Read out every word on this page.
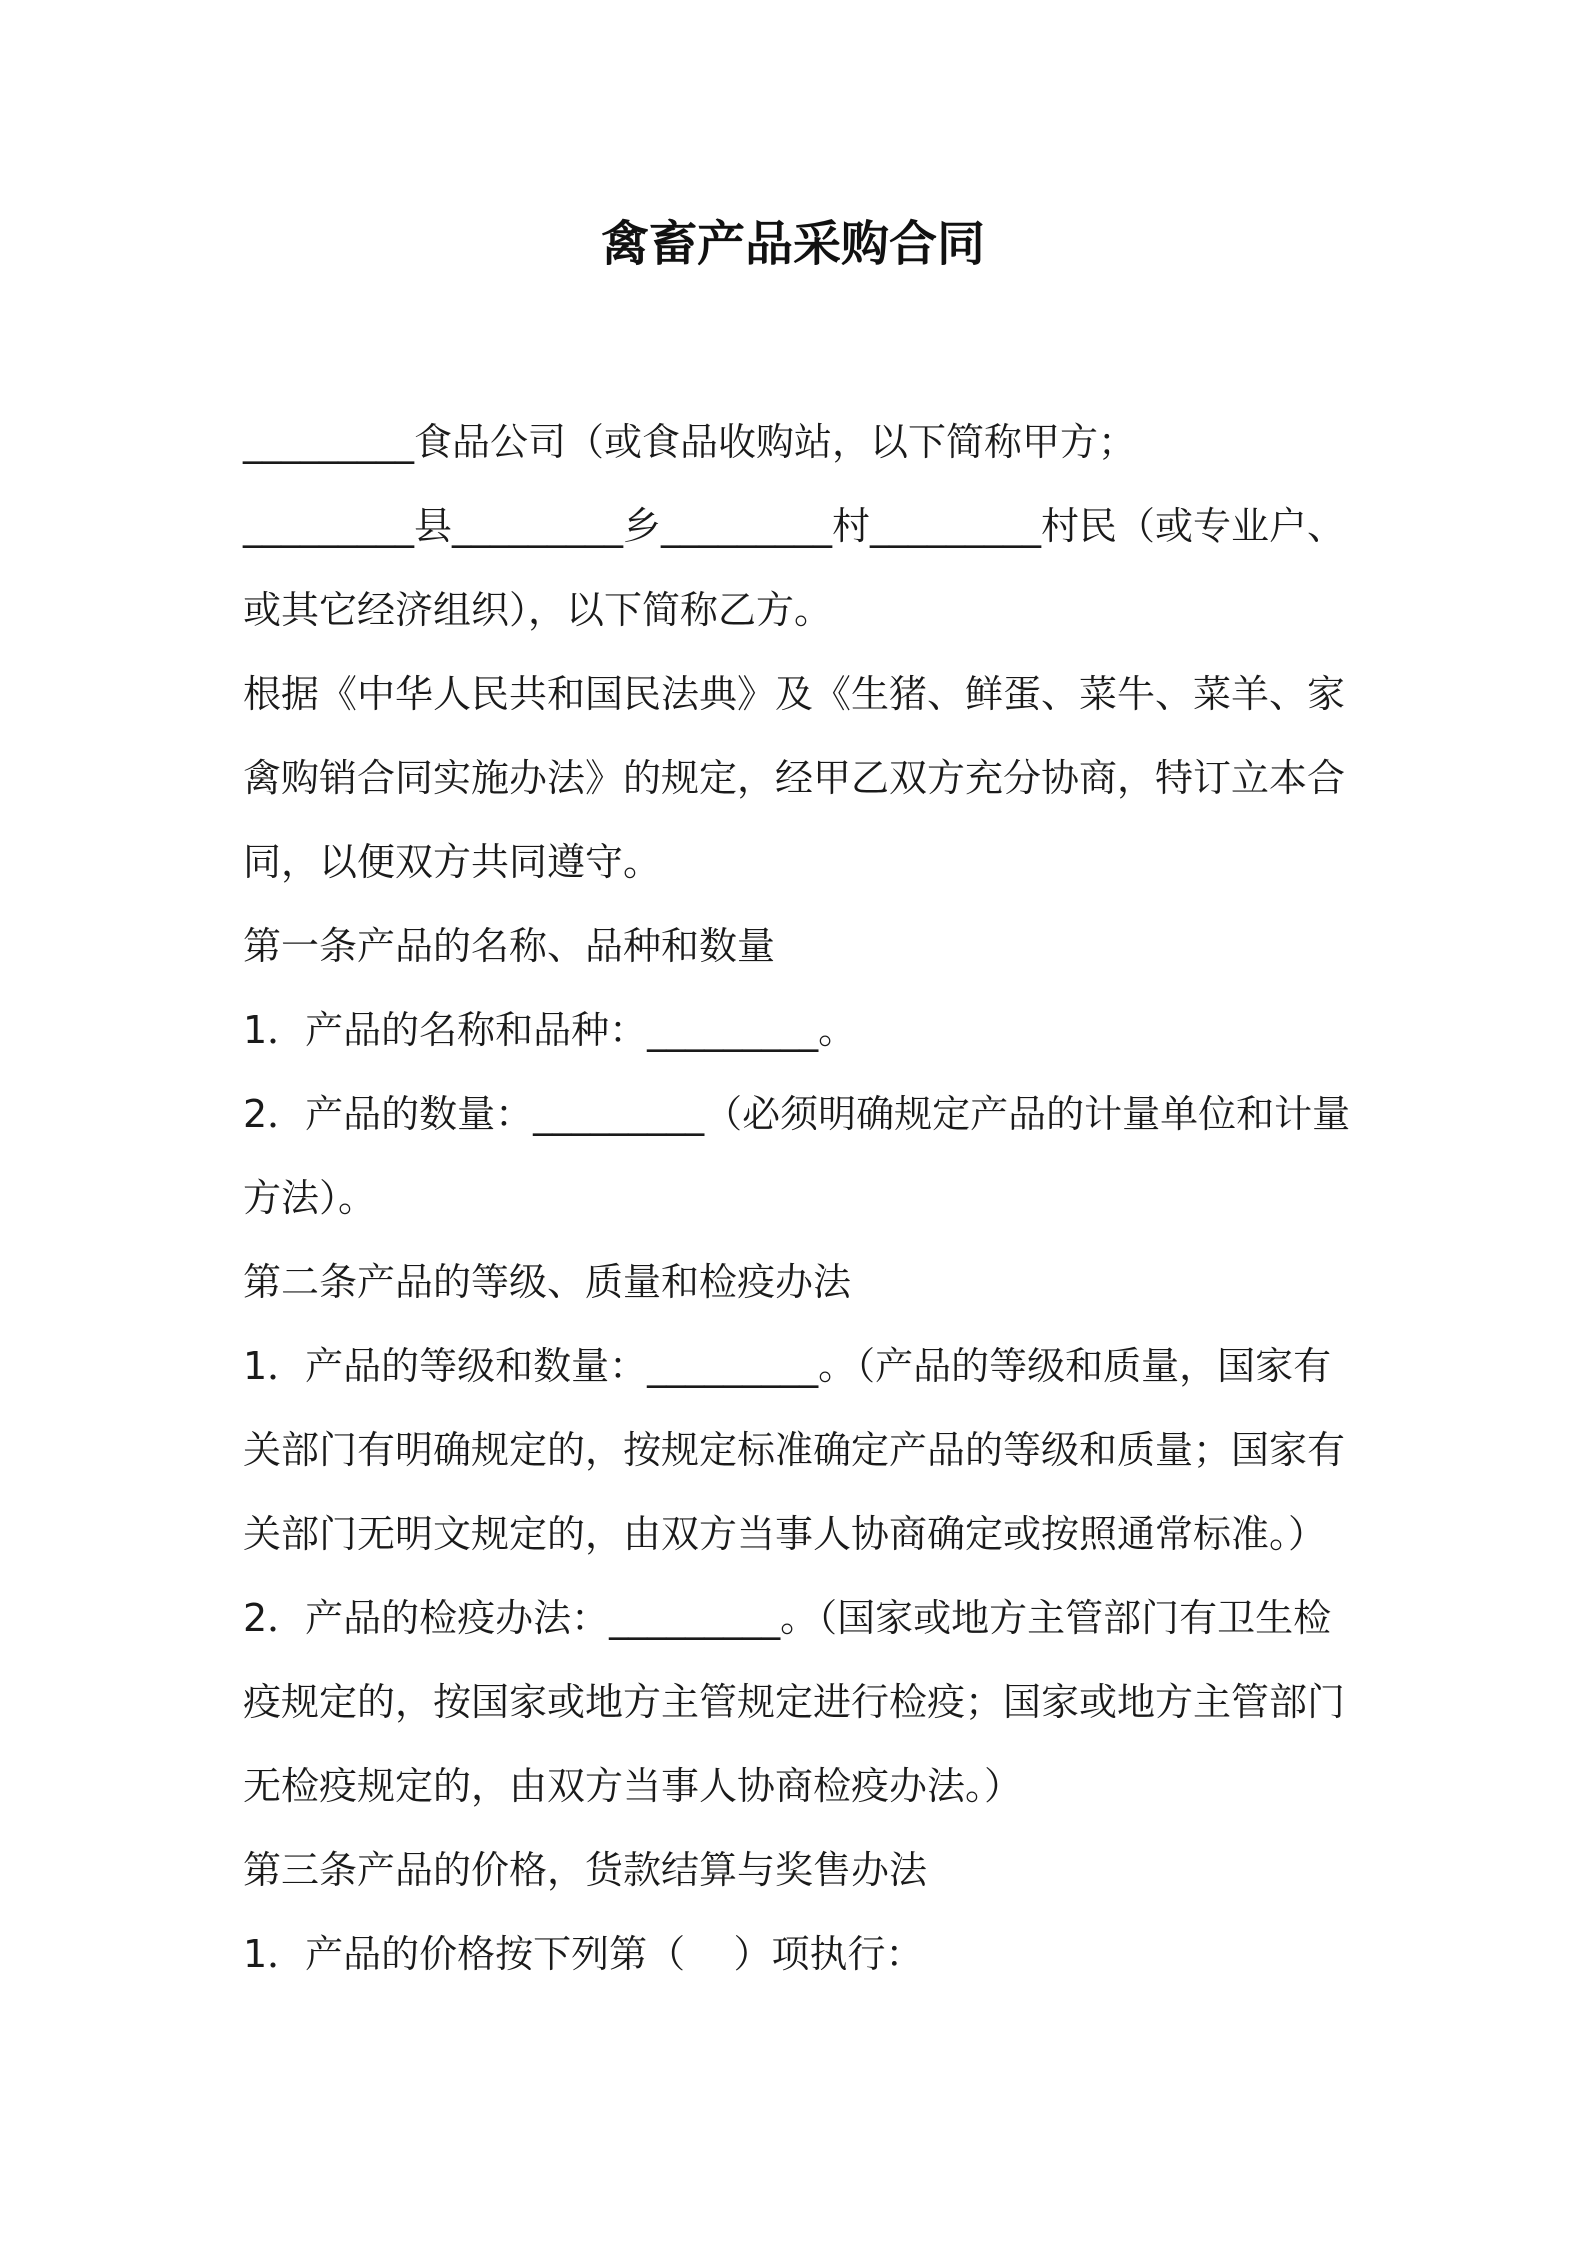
禽畜产品采购合同

_________食品公司（或食品收购站，以下简称甲方；

_________县_________乡_________村_________村民（或专业户、或其它经济组织），以下简称乙方。

根据《中华人民共和国民法典》及《生猪、鲜蛋、菜牛、菜羊、家禽购销合同实施办法》的规定，经甲乙双方充分协商，特订立本合同，以便双方共同遵守。

第一条产品的名称、品种和数量

1．产品的名称和品种：_________。

2．产品的数量：_________（必须明确规定产品的计量单位和计量方法）。

第二条产品的等级、质量和检疫办法

1．产品的等级和数量：_________。（产品的等级和质量，国家有关部门有明确规定的，按规定标准确定产品的等级和质量；国家有关部门无明文规定的，由双方当事人协商确定或按照通常标准。）

2．产品的检疫办法：_________。（国家或地方主管部门有卫生检疫规定的，按国家或地方主管规定进行检疫；国家或地方主管部门无检疫规定的，由双方当事人协商检疫办法。）

第三条产品的价格，货款结算与奖售办法

1．产品的价格按下列第（    ）项执行：
